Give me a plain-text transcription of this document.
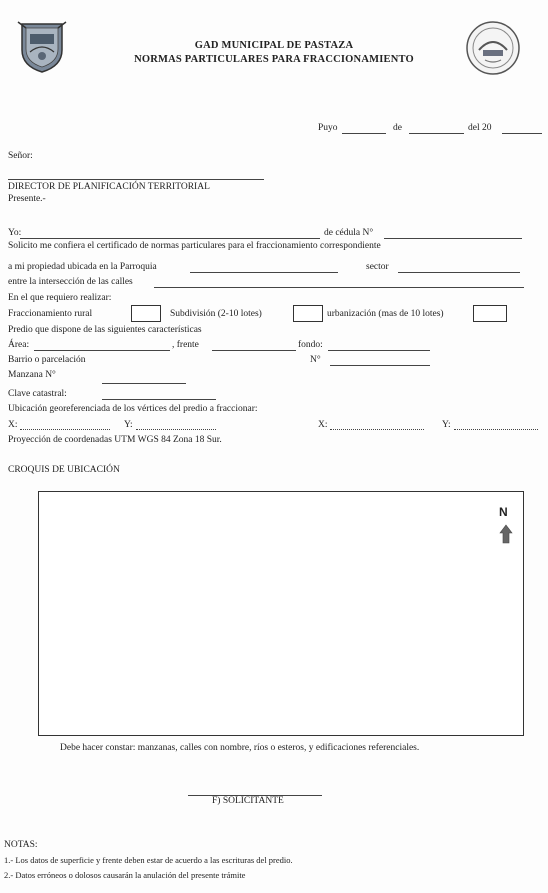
GAD MUNICIPAL DE PASTAZA
NORMAS PARTICULARES PARA FRACCIONAMIENTO
Puyo	de	del 20
Señor:
DIRECTOR DE PLANIFICACIÓN TERRITORIAL
Presente.-
Yo:	de cédula N°
Solicito me confiera el certificado de normas particulares para el fraccionamiento correspondiente
a mi propiedad ubicada en la Parroquia	sector
entre la intersección de las calles
En el que requiero realizar:
Fraccionamiento rural	Subdivisión (2-10 lotes)	urbanización (mas de 10 lotes)
Predio que dispone de las siguientes características
Área:	, frente	fondo:
Barrio o parcelación	N°
Manzana N°
Clave catastral:
Ubicación georeferenciada de los vértices del predio a fraccionar:
X:	Y:	X:	Y:
Proyección de coordenadas UTM WGS 84 Zona 18 Sur.
CROQUIS DE UBICACIÓN
N
Debe hacer constar: manzanas, calles con nombre, ríos o esteros, y edificaciones referenciales.
F) SOLICITANTE
NOTAS:
1.- Los datos de superficie y frente deben estar de acuerdo a las escrituras del predio.
2.- Datos erróneos o dolosos causarán la anulación del presente trámite
